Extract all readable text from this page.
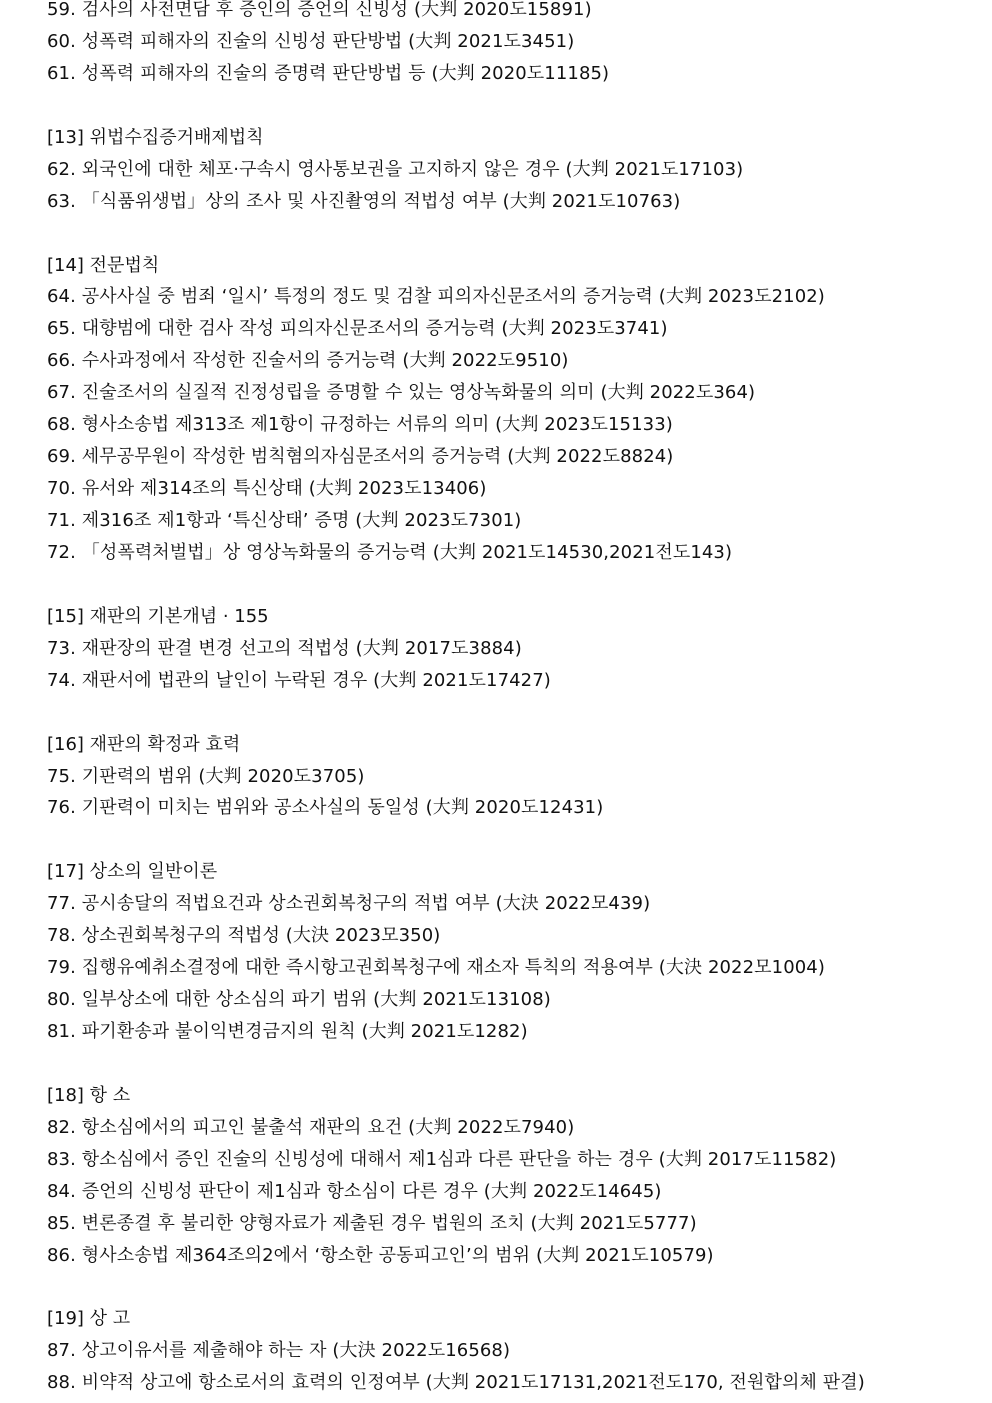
59. 검사의 사전면담 후 증인의 증언의 신빙성 (大判 2020도15891)
60. 성폭력 피해자의 진술의 신빙성 판단방법 (大判 2021도3451)
61. 성폭력 피해자의 진술의 증명력 판단방법 등 (大判 2020도11185)
[13] 위법수집증거배제법칙
62. 외국인에 대한 체포·구속시 영사통보권을 고지하지 않은 경우 (大判 2021도17103)
63. 「식품위생법」상의 조사 및 사진촬영의 적법성 여부 (大判 2021도10763)
[14] 전문법칙
64. 공사사실 중 범죄 ‘일시’ 특정의 정도 및 검찰 피의자신문조서의 증거능력 (大判 2023도2102)
65. 대향범에 대한 검사 작성 피의자신문조서의 증거능력 (大判 2023도3741)
66. 수사과정에서 작성한 진술서의 증거능력 (大判 2022도9510)
67. 진술조서의 실질적 진정성립을 증명할 수 있는 영상녹화물의 의미 (大判 2022도364)
68. 형사소송법 제313조 제1항이 규정하는 서류의 의미 (大判 2023도15133)
69. 세무공무원이 작성한 범칙혐의자심문조서의 증거능력 (大判 2022도8824)
70. 유서와 제314조의 특신상태 (大判 2023도13406)
71. 제316조 제1항과 ‘특신상태’ 증명 (大判 2023도7301)
72. 「성폭력처벌법」상 영상녹화물의 증거능력 (大判 2021도14530,2021전도143)
[15] 재판의 기본개념 · 155
73. 재판장의 판결 변경 선고의 적법성 (大判 2017도3884)
74. 재판서에 법관의 날인이 누락된 경우 (大判 2021도17427)
[16] 재판의 확정과 효력
75. 기판력의 범위 (大判 2020도3705)
76. 기판력이 미치는 범위와 공소사실의 동일성 (大判 2020도12431)
[17] 상소의 일반이론
77. 공시송달의 적법요건과 상소권회복청구의 적법 여부 (大決 2022모439)
78. 상소권회복청구의 적법성 (大決 2023모350)
79. 집행유예취소결정에 대한 즉시항고권회복청구에 재소자 특칙의 적용여부 (大決 2022모1004)
80. 일부상소에 대한 상소심의 파기 범위 (大判 2021도13108)
81. 파기환송과 불이익변경금지의 원칙 (大判 2021도1282)
[18] 항 소
82. 항소심에서의 피고인 불출석 재판의 요건 (大判 2022도7940)
83. 항소심에서 증인 진술의 신빙성에 대해서 제1심과 다른 판단을 하는 경우 (大判 2017도11582)
84. 증언의 신빙성 판단이 제1심과 항소심이 다른 경우 (大判 2022도14645)
85. 변론종결 후 불리한 양형자료가 제출된 경우 법원의 조치 (大判 2021도5777)
86. 형사소송법 제364조의2에서 ‘항소한 공동피고인’의 범위 (大判 2021도10579)
[19] 상 고
87. 상고이유서를 제출해야 하는 자 (大決 2022도16568)
88. 비약적 상고에 항소로서의 효력의 인정여부 (大判 2021도17131,2021전도170, 전원합의체 판결)
